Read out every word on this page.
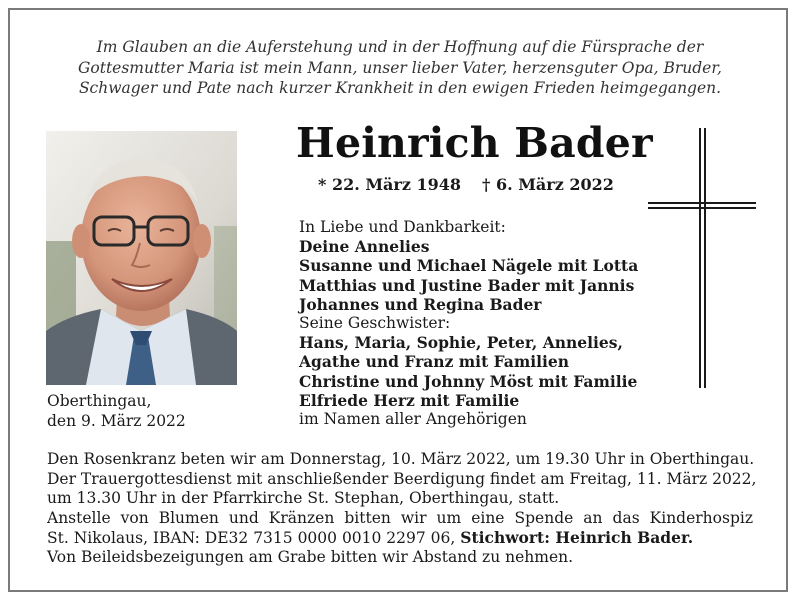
Im Glauben an die Auferstehung und in der Hoffnung auf die Fürsprache der
Gottesmutter Maria ist mein Mann, unser lieber Vater, herzensguter Opa, Bruder,
Schwager und Pate nach kurzer Krankheit in den ewigen Frieden heimgegangen.

Heinrich Bader
* 22. März 1948 † 6. März 2022
In Liebe und Dankbarkeit:
Deine Annelies
Susanne und Michael Nägele mit Lotta
Matthias und Justine Bader mit Jannis
Johannes und Regina Bader
Seine Geschwister:
Hans, Maria, Sophie, Peter, Annelies,
Agathe und Franz mit Familien
Christine und Johnny Möst mit Familie
Elfriede Herz mit Familie
im Namen aller Angehörigen
Oberthingau,
den 9. März 2022
Den Rosenkranz beten wir am Donnerstag, 10. März 2022, um 19.30 Uhr in Oberthingau.
Der Trauergottesdienst mit anschließender Beerdigung findet am Freitag, 11. März 2022,
um 13.30 Uhr in der Pfarrkirche St. Stephan, Oberthingau, statt.
Anstelle von Blumen und Kränzen bitten wir um eine Spende an das Kinderhospiz
St. Nikolaus, IBAN: DE32 7315 0000 0010 2297 06, Stichwort: Heinrich Bader.
Von Beileidsbezeigungen am Grabe bitten wir Abstand zu nehmen.
